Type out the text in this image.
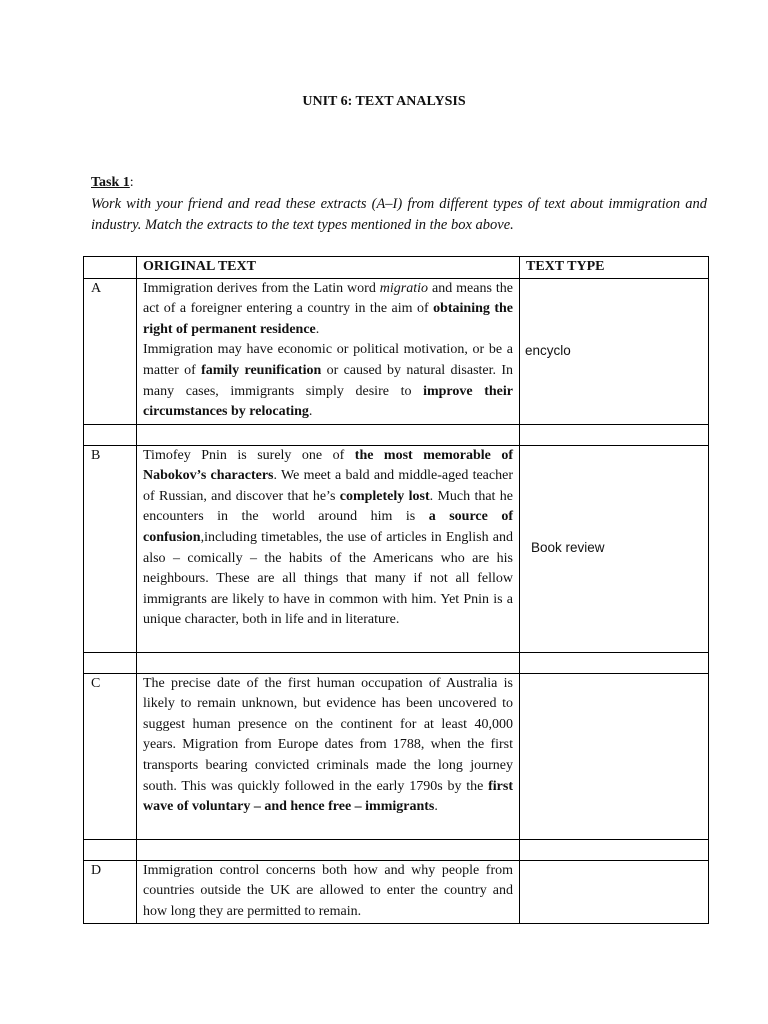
UNIT 6: TEXT ANALYSIS
Task 1:
Work with your friend and read these extracts (A–I) from different types of text about immigration and industry. Match the extracts to the text types mentioned in the box above.
	ORIGINAL TEXT	TEXT TYPE
A	Immigration derives from the Latin word migratio and means the act of a foreigner entering a country in the aim of obtaining the right of permanent residence.
Immigration may have economic or political motivation, or be a matter of family reunification or caused by natural disaster. In many cases, immigrants simply desire to improve their circumstances by relocating.	encyclo

B	Timofey Pnin is surely one of the most memorable of Nabokov’s characters. We meet a bald and middle-aged teacher of Russian, and discover that he’s completely lost. Much that he encounters in the world around him is a source of confusion,including timetables, the use of articles in English and also – comically – the habits of the Americans who are his neighbours. These are all things that many if not all fellow immigrants are likely to have in common with him. Yet Pnin is a unique character, both in life and in literature.	Book review

C	The precise date of the first human occupation of Australia is likely to remain unknown, but evidence has been uncovered to suggest human presence on the continent for at least 40,000 years. Migration from Europe dates from 1788, when the first transports bearing convicted criminals made the long journey south. This was quickly followed in the early 1790s by the first wave of voluntary – and hence free – immigrants.	

D	Immigration control concerns both how and why people from countries outside the UK are allowed to enter the country and how long they are permitted to remain.	
